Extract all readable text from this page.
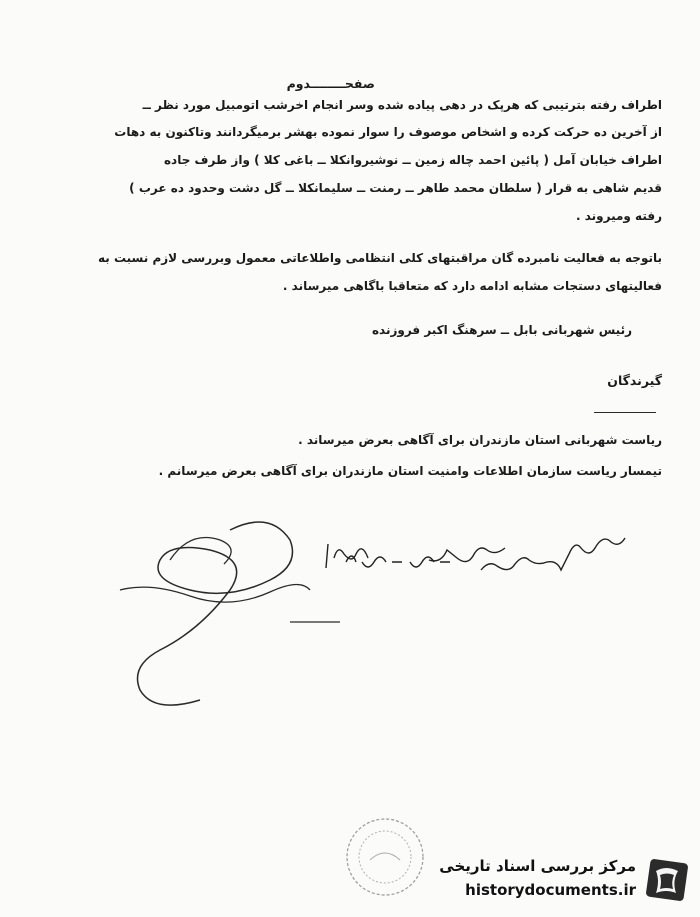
صفحــــــــدوم
اطراف رفته بترتیبی که هرپک در دهی پیاده شده وسر انجام اخرشب اتومبیل مورد نظر ــ
از آخرین ده حرکت کرده و اشخاص موصوف را سوار نموده بهشر برمیگردانند وتاکنون به دهات
اطراف خیابان آمل ( پائین احمد چاله زمین ــ نوشیروانکلا ــ باغی کلا ) واز طرف جاده
قدیم شاهی به قرار ( سلطان محمد طاهر ــ رمنت ــ سلیمانکلا ــ گل دشت وحدود ده عرب )
رفته ومیروند .
باتوجه به فعالیت نامبرده گان مراقبتهای کلی انتظامی واطلاعاتی معمول وبررسی لازم نسبت به
فعالیتهای دستجات مشابه ادامه دارد که متعاقبا باگاهی میرساند .
رئیس شهربانی بابل ــ سرهنگ اکبر فروزنده
گیرندگان
ریاست شهربانی استان مازندران برای آگاهی بعرض میرساند .
تیمسار ریاست سازمان اطلاعات وامنیت استان مازندران برای آگاهی بعرض میرسانم .
مرکز بررسی اسناد تاریخی
historydocuments.ir
